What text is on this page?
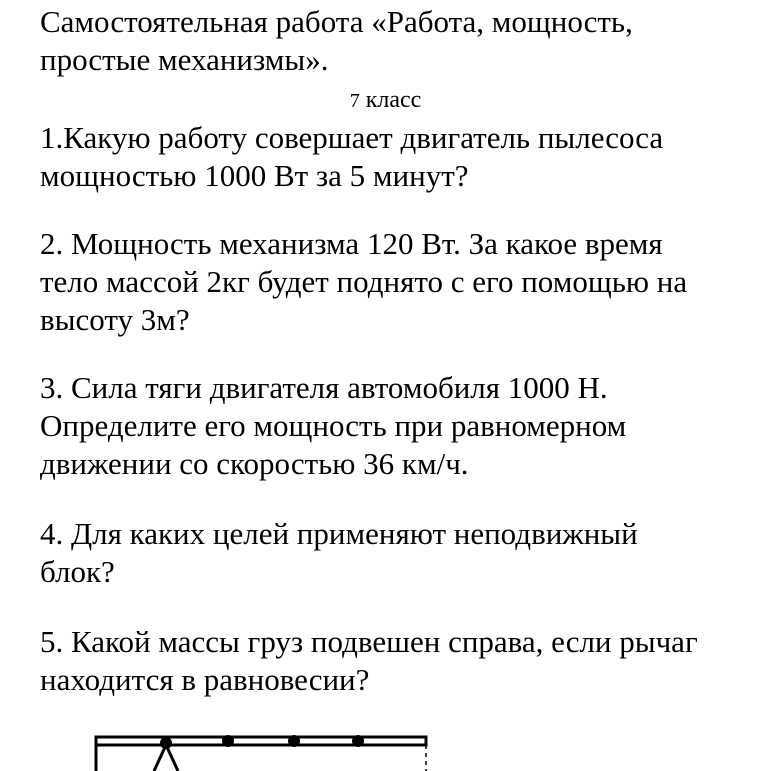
Самостоятельная работа «Работа, мощность,

простые механизмы».

7 класс

1.Какую работу совершает двигатель пылесоса

мощностью 1000 Вт за 5 минут?

2. Мощность механизма 120 Вт. За какое время

тело массой 2кг будет поднято с его помощью на

высоту 3м?

3. Сила тяги двигателя автомобиля 1000 Н.

Определите его мощность при равномерном

движении со скоростью 36 км/ч.

4. Для каких целей применяют неподвижный

блок?

5. Какой массы груз подвешен справа, если рычаг

находится в равновесии?
